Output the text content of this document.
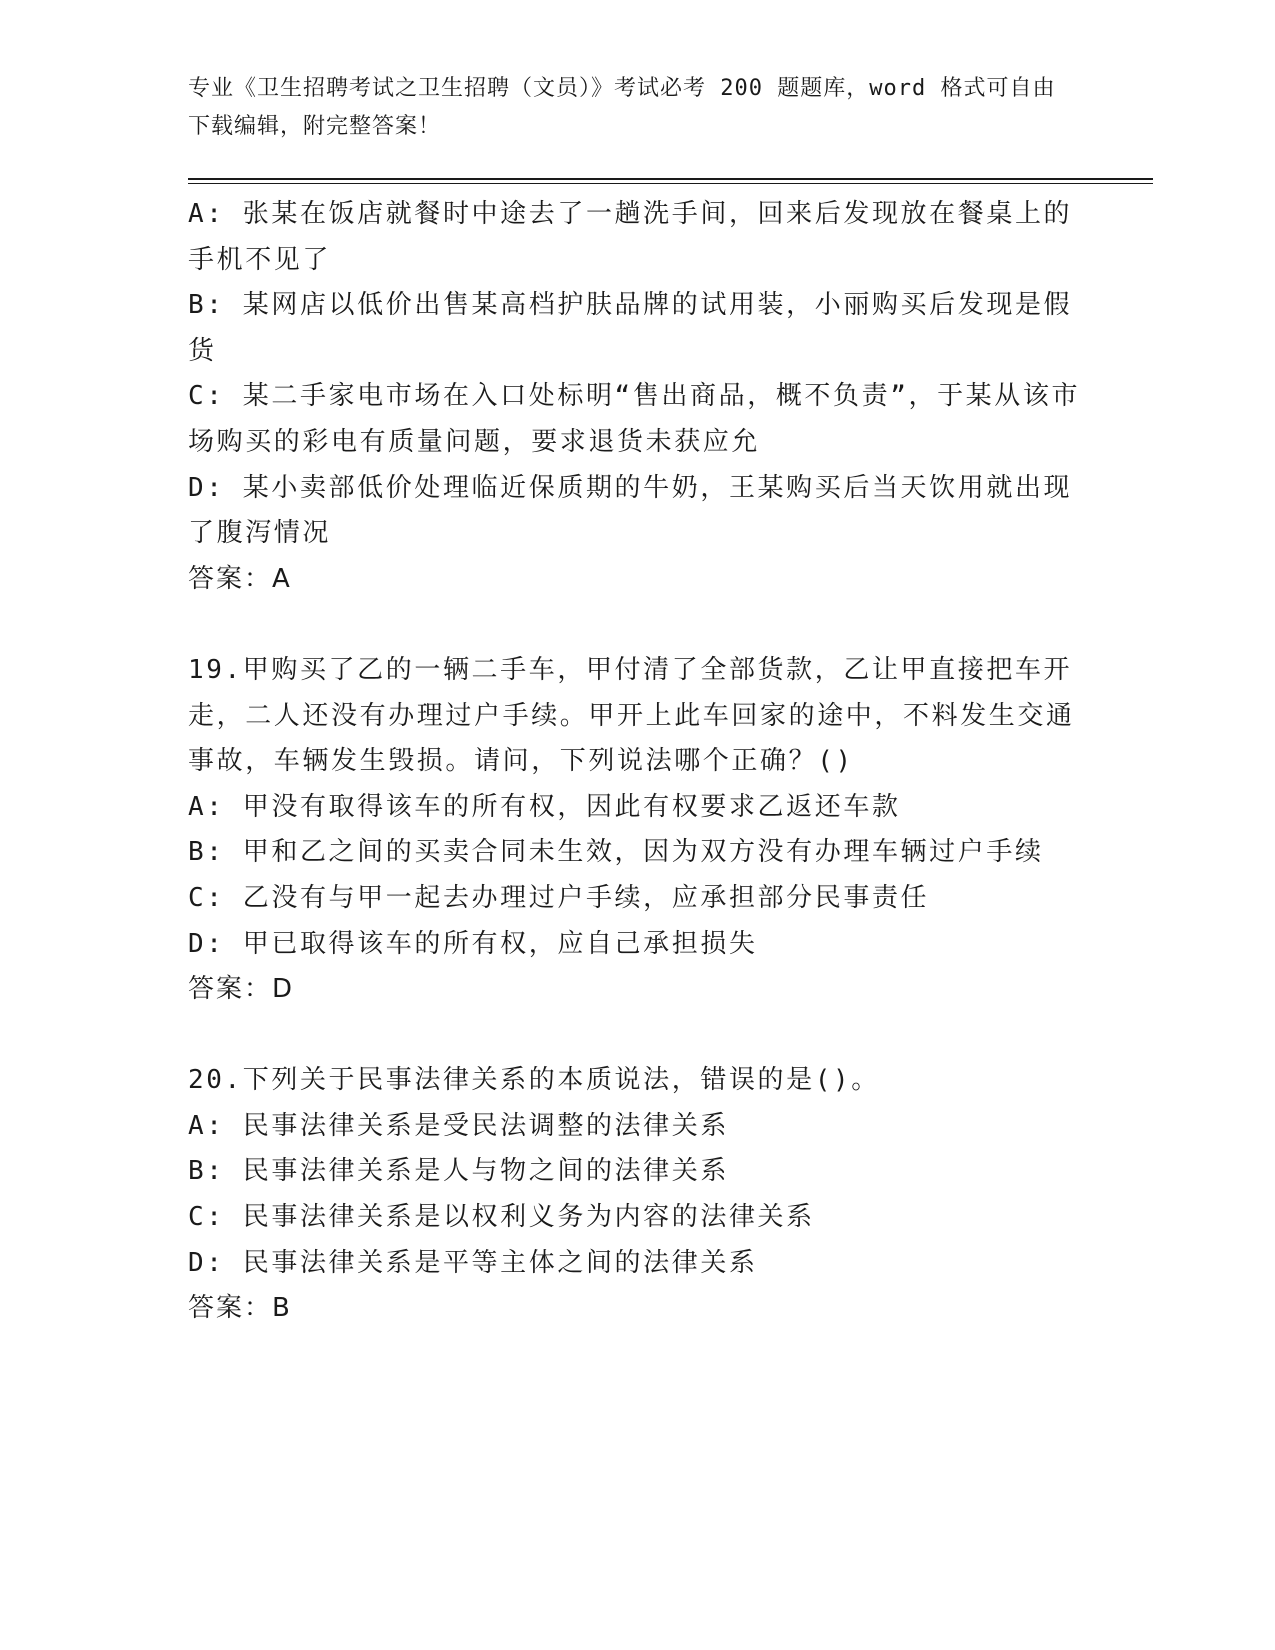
专业《卫生招聘考试之卫生招聘（文员）》考试必考 200 题题库，word 格式可自由下载编辑，附完整答案！
A: 张某在饭店就餐时中途去了一趟洗手间，回来后发现放在餐桌上的手机不见了
B: 某网店以低价出售某高档护肤品牌的试用装，小丽购买后发现是假货
C: 某二手家电市场在入口处标明“售出商品，概不负责”，于某从该市场购买的彩电有质量问题，要求退货未获应允
D: 某小卖部低价处理临近保质期的牛奶，王某购买后当天饮用就出现了腹泻情况
答案：A
19.甲购买了乙的一辆二手车，甲付清了全部货款，乙让甲直接把车开走，二人还没有办理过户手续。甲开上此车回家的途中，不料发生交通事故，车辆发生毁损。请问，下列说法哪个正确？()
A: 甲没有取得该车的所有权，因此有权要求乙返还车款
B: 甲和乙之间的买卖合同未生效，因为双方没有办理车辆过户手续
C: 乙没有与甲一起去办理过户手续，应承担部分民事责任
D: 甲已取得该车的所有权，应自己承担损失
答案：D
20.下列关于民事法律关系的本质说法，错误的是()。
A: 民事法律关系是受民法调整的法律关系
B: 民事法律关系是人与物之间的法律关系
C: 民事法律关系是以权利义务为内容的法律关系
D: 民事法律关系是平等主体之间的法律关系
答案：B
